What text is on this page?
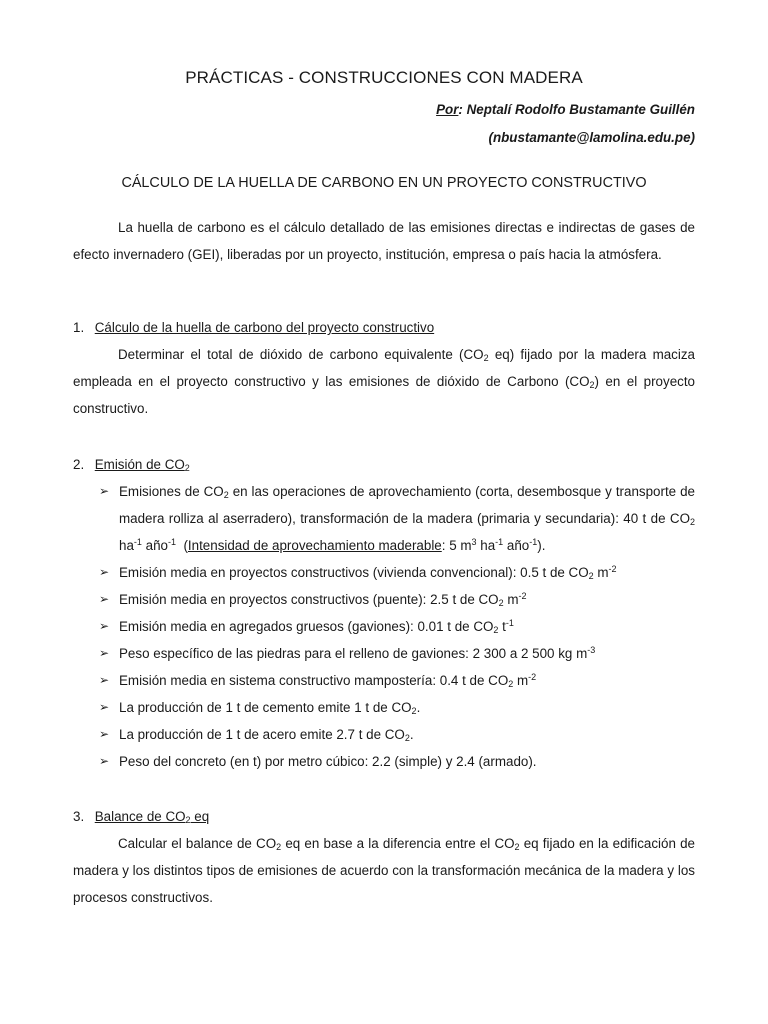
PRÁCTICAS - CONSTRUCCIONES CON MADERA
Por: Neptalí Rodolfo Bustamante Guillén
(nbustamante@lamolina.edu.pe)
CÁLCULO DE LA HUELLA DE CARBONO EN UN PROYECTO CONSTRUCTIVO
La huella de carbono es el cálculo detallado de las emisiones directas e indirectas de gases de efecto invernadero (GEI), liberadas por un proyecto, institución, empresa o país hacia la atmósfera.
1. Cálculo de la huella de carbono del proyecto constructivo
Determinar el total de dióxido de carbono equivalente ($CO_2$ eq) fijado por la madera maciza empleada en el proyecto constructivo y las emisiones de dióxido de Carbono $(CO_2)$ en el proyecto constructivo.
2. Emisión de $CO_2$
➢ Emisiones de $CO_2$ en las operaciones de aprovechamiento (corta, desembosque y transporte de madera rolliza al aserradero), transformación de la madera (primaria y secundaria): 40 t de $CO_2$ $ha^{-1}$ año$^{-1}$  (Intensidad de aprovechamiento maderable: 5 $m^3$ $ha^{-1}$ año$^{-1}$).
➢ Emisión media en proyectos constructivos (vivienda convencional): 0.5 t de $CO_2$ $m^{-2}$
➢ Emisión media en proyectos constructivos (puente): 2.5 t de $CO_2$ $m^{-2}$
➢ Emisión media en agregados gruesos (gaviones): 0.01 t de $CO_2$ $t^{-1}$
➢ Peso específico de las piedras para el relleno de gaviones: 2 300 a 2 500 kg $m^{-3}$
➢ Emisión media en sistema constructivo mampostería: 0.4 t de $CO_2$ $m^{-2}$
➢ La producción de 1 t de cemento emite 1 t de $CO_2$.
➢ La producción de 1 t de acero emite 2.7 t de $CO_2$.
➢ Peso del concreto (en t) por metro cúbico: 2.2 (simple) y 2.4 (armado).
3. Balance de $CO_2$ eq
Calcular el balance de $CO_2$ eq en base a la diferencia entre el $CO_2$ eq fijado en la edificación de madera y los distintos tipos de emisiones de acuerdo con la transformación mecánica de la madera y los procesos constructivos.
